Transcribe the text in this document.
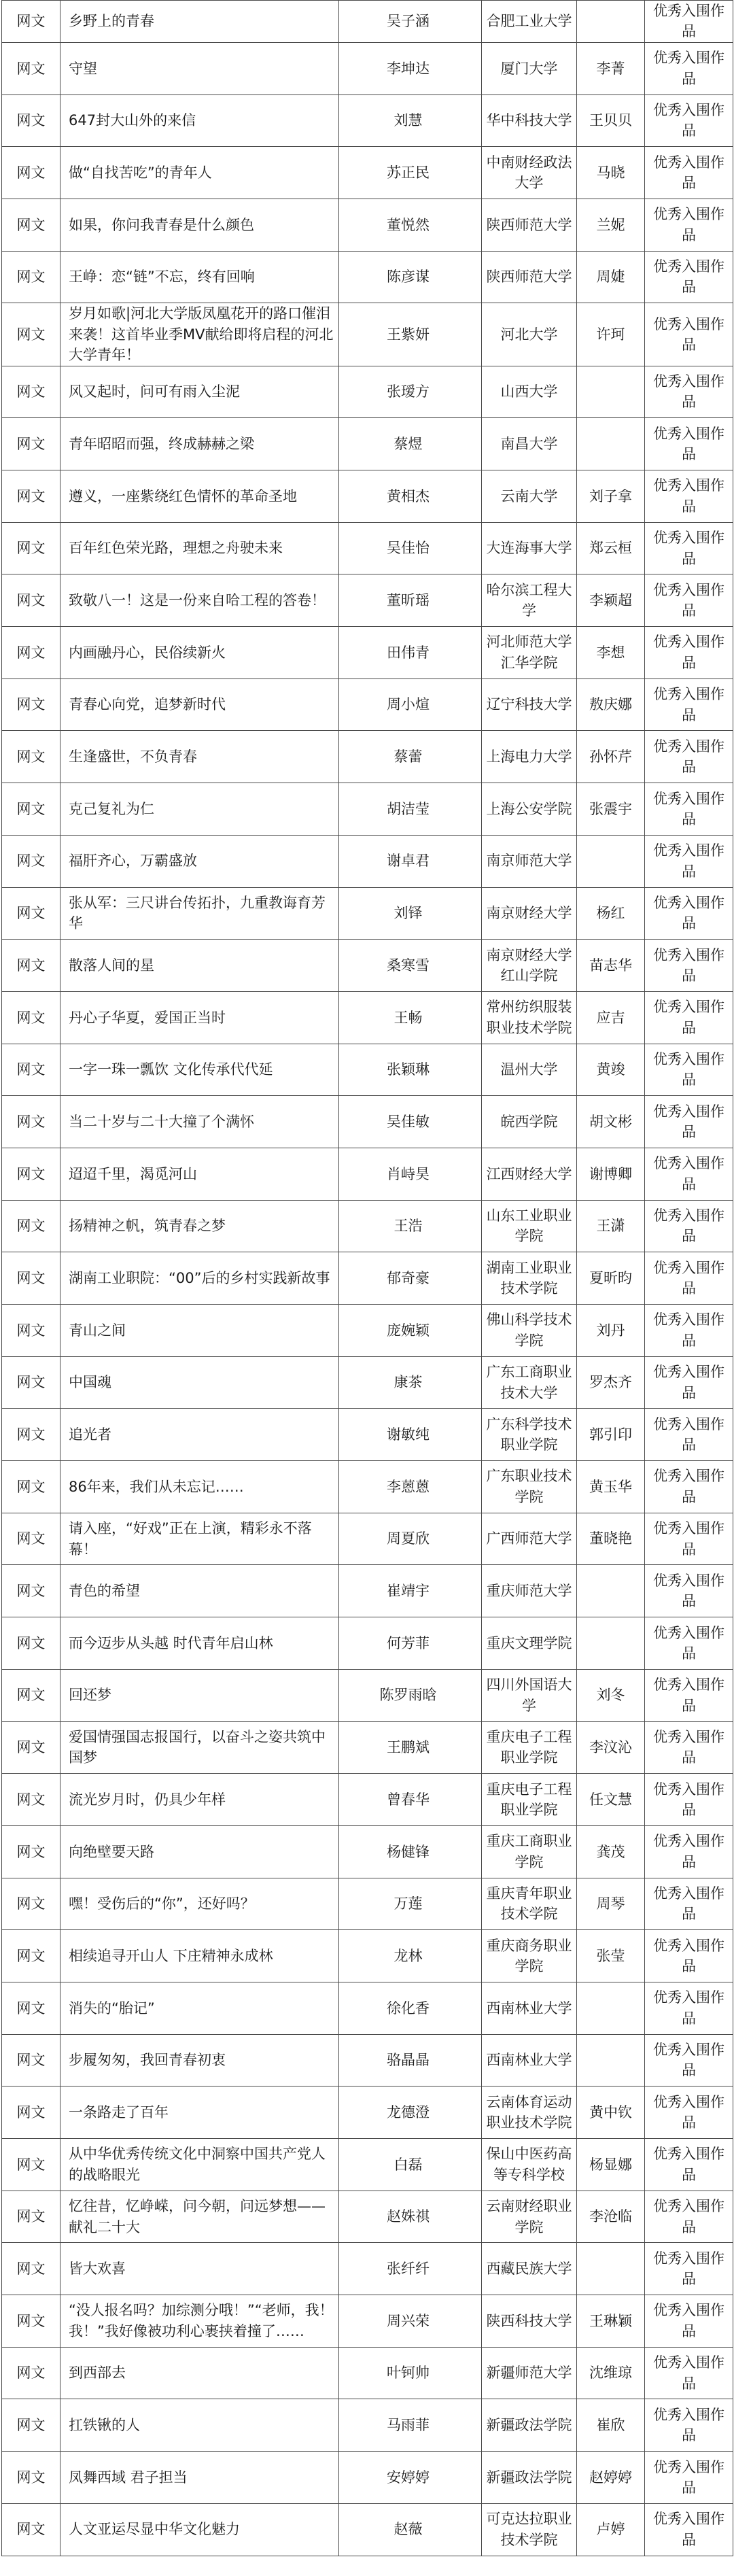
网文	乡野上的青春	吴子涵	合肥工业大学		优秀入围作品
网文	守望	李坤达	厦门大学	李菁	优秀入围作品
网文	647封大山外的来信	刘慧	华中科技大学	王贝贝	优秀入围作品
网文	做“自找苦吃”的青年人	苏正民	中南财经政法大学	马晓	优秀入围作品
网文	如果，你问我青春是什么颜色	董悦然	陕西师范大学	兰妮	优秀入围作品
网文	王峥：恋“链”不忘，终有回响	陈彦谋	陕西师范大学	周婕	优秀入围作品
网文	岁月如歌|河北大学版凤凰花开的路口催泪来袭！这首毕业季MV献给即将启程的河北大学青年！	王紫妍	河北大学	许珂	优秀入围作品
网文	风又起时，问可有雨入尘泥	张瑷方	山西大学		优秀入围作品
网文	青年昭昭而强，终成赫赫之梁	蔡煜	南昌大学		优秀入围作品
网文	遵义，一座紫绕红色情怀的革命圣地	黄相杰	云南大学	刘子拿	优秀入围作品
网文	百年红色荣光路，理想之舟驶未来	吴佳怡	大连海事大学	郑云桓	优秀入围作品
网文	致敬八一！这是一份来自哈工程的答卷！	董昕瑶	哈尔滨工程大学	李颖超	优秀入围作品
网文	内画融丹心，民俗续新火	田伟青	河北师范大学汇华学院	李想	优秀入围作品
网文	青春心向党，追梦新时代	周小煊	辽宁科技大学	敖庆娜	优秀入围作品
网文	生逢盛世，不负青春	蔡蕾	上海电力大学	孙怀芹	优秀入围作品
网文	克己复礼为仁	胡洁莹	上海公安学院	张震宇	优秀入围作品
网文	福肝齐心，万霸盛放	谢卓君	南京师范大学		优秀入围作品
网文	张从军：三尺讲台传拓扑，九重教诲育芳华	刘铎	南京财经大学	杨红	优秀入围作品
网文	散落人间的星	桑寒雪	南京财经大学红山学院	苗志华	优秀入围作品
网文	丹心子华夏，爱国正当时	王畅	常州纺织服装职业技术学院	应吉	优秀入围作品
网文	一字一珠一瓢饮 文化传承代代延	张颖琳	温州大学	黄竣	优秀入围作品
网文	当二十岁与二十大撞了个满怀	吴佳敏	皖西学院	胡文彬	优秀入围作品
网文	迢迢千里，渴觅河山	肖峙昊	江西财经大学	谢博卿	优秀入围作品
网文	扬精神之帆，筑青春之梦	王浩	山东工业职业学院	王潇	优秀入围作品
网文	湖南工业职院：“00”后的乡村实践新故事	郁奇豪	湖南工业职业技术学院	夏昕昀	优秀入围作品
网文	青山之间	庞婉颖	佛山科学技术学院	刘丹	优秀入围作品
网文	中国魂	康茶	广东工商职业技术大学	罗杰齐	优秀入围作品
网文	追光者	谢敏纯	广东科学技术职业学院	郭引印	优秀入围作品
网文	86年来，我们从未忘记……	李蒽蒽	广东职业技术学院	黄玉华	优秀入围作品
网文	请入座，“好戏”正在上演，精彩永不落幕！	周夏欣	广西师范大学	董晓艳	优秀入围作品
网文	青色的希望	崔靖宇	重庆师范大学		优秀入围作品
网文	而今迈步从头越 时代青年启山林	何芳菲	重庆文理学院		优秀入围作品
网文	回还梦	陈罗雨晗	四川外国语大学	刘冬	优秀入围作品
网文	爱国情强国志报国行，以奋斗之姿共筑中国梦	王鹏斌	重庆电子工程职业学院	李汶沁	优秀入围作品
网文	流光岁月时，仍具少年样	曾春华	重庆电子工程职业学院	任文慧	优秀入围作品
网文	向绝壁要天路	杨健锋	重庆工商职业学院	龚茂	优秀入围作品
网文	嘿！受伤后的“你”，还好吗？	万莲	重庆青年职业技术学院	周琴	优秀入围作品
网文	相续追寻开山人 下庄精神永成林	龙林	重庆商务职业学院	张莹	优秀入围作品
网文	消失的“胎记”	徐化香	西南林业大学		优秀入围作品
网文	步履匆匆，我回青春初衷	骆晶晶	西南林业大学		优秀入围作品
网文	一条路走了百年	龙德澄	云南体育运动职业技术学院	黄中钦	优秀入围作品
网文	从中华优秀传统文化中洞察中国共产党人的战略眼光	白磊	保山中医药高等专科学校	杨显娜	优秀入围作品
网文	忆往昔，忆峥嵘，问今朝，问远梦想——献礼二十大	赵姝祺	云南财经职业学院	李沧临	优秀入围作品
网文	皆大欢喜	张纤纤	西藏民族大学		优秀入围作品
网文	“没人报名吗？加综测分哦！”“老师，我！我！”我好像被功利心裹挟着撞了……	周兴荣	陕西科技大学	王琳颖	优秀入围作品
网文	到西部去	叶钶帅	新疆师范大学	沈维琼	优秀入围作品
网文	扛铁锹的人	马雨菲	新疆政法学院	崔欣	优秀入围作品
网文	凤舞西域 君子担当	安婷婷	新疆政法学院	赵婷婷	优秀入围作品
网文	人文亚运尽显中华文化魅力	赵薇	可克达拉职业技术学院	卢婷	优秀入围作品
